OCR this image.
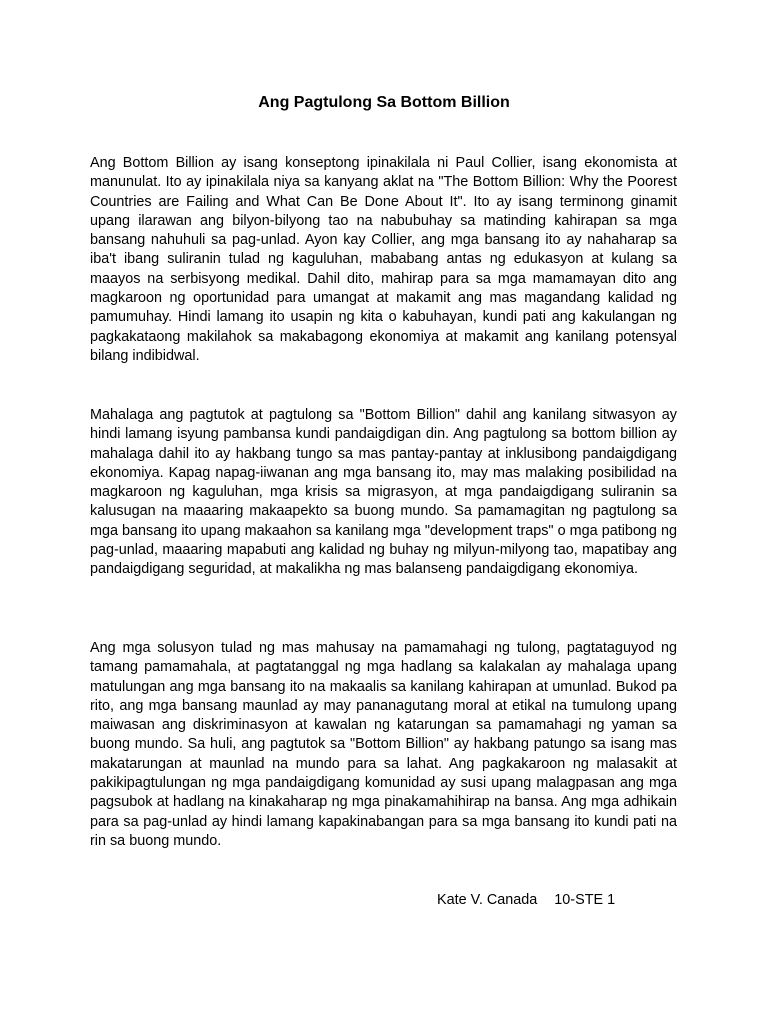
Ang Pagtulong Sa Bottom Billion

Ang Bottom Billion ay isang konseptong ipinakilala ni Paul Collier, isang ekonomista at manunulat. Ito ay ipinakilala niya sa kanyang aklat na "The Bottom Billion: Why the Poorest Countries are Failing and What Can Be Done About It". Ito ay isang terminong ginamit upang ilarawan ang bilyon-bilyong tao na nabubuhay sa matinding kahirapan sa mga bansang nahuhuli sa pag-unlad. Ayon kay Collier, ang mga bansang ito ay nahaharap sa iba't ibang suliranin tulad ng kaguluhan, mababang antas ng edukasyon at kulang sa maayos na serbisyong medikal. Dahil dito, mahirap para sa mga mamamayan dito ang magkaroon ng oportunidad para umangat at makamit ang mas magandang kalidad ng pamumuhay. Hindi lamang ito usapin ng kita o kabuhayan, kundi pati ang kakulangan ng pagkakataong makilahok sa makabagong ekonomiya at makamit ang kanilang potensyal bilang indibidwal.

Mahalaga ang pagtutok at pagtulong sa "Bottom Billion" dahil ang kanilang sitwasyon ay hindi lamang isyung pambansa kundi pandaigdigan din. Ang pagtulong sa bottom billion ay mahalaga dahil ito ay hakbang tungo sa mas pantay-pantay at inklusibong pandaigdigang ekonomiya. Kapag napag-iiwanan ang mga bansang ito, may mas malaking posibilidad na magkaroon ng kaguluhan, mga krisis sa migrasyon, at mga pandaigdigang suliranin sa kalusugan na maaaring makaapekto sa buong mundo. Sa pamamagitan ng pagtulong sa mga bansang ito upang makaahon sa kanilang mga "development traps" o mga patibong ng pag-unlad, maaaring mapabuti ang kalidad ng buhay ng milyun-milyong tao, mapatibay ang pandaigdigang seguridad, at makalikha ng mas balanseng pandaigdigang ekonomiya.

Ang mga solusyon tulad ng mas mahusay na pamamahagi ng tulong, pagtataguyod ng tamang pamamahala, at pagtatanggal ng mga hadlang sa kalakalan ay mahalaga upang matulungan ang mga bansang ito na makaalis sa kanilang kahirapan at umunlad. Bukod pa rito, ang mga bansang maunlad ay may pananagutang moral at etikal na tumulong upang maiwasan ang diskriminasyon at kawalan ng katarungan sa pamamahagi ng yaman sa buong mundo. Sa huli, ang pagtutok sa "Bottom Billion" ay hakbang patungo sa isang mas makatarungan at maunlad na mundo para sa lahat. Ang pagkakaroon ng malasakit at pakikipagtulungan ng mga pandaigdigang komunidad ay susi upang malagpasan ang mga pagsubok at hadlang na kinakaharap ng mga pinakamahihirap na bansa. Ang mga adhikain para sa pag-unlad ay hindi lamang kapakinabangan para sa mga bansang ito kundi pati na rin sa buong mundo.

Kate V. Canada 10-STE 1
